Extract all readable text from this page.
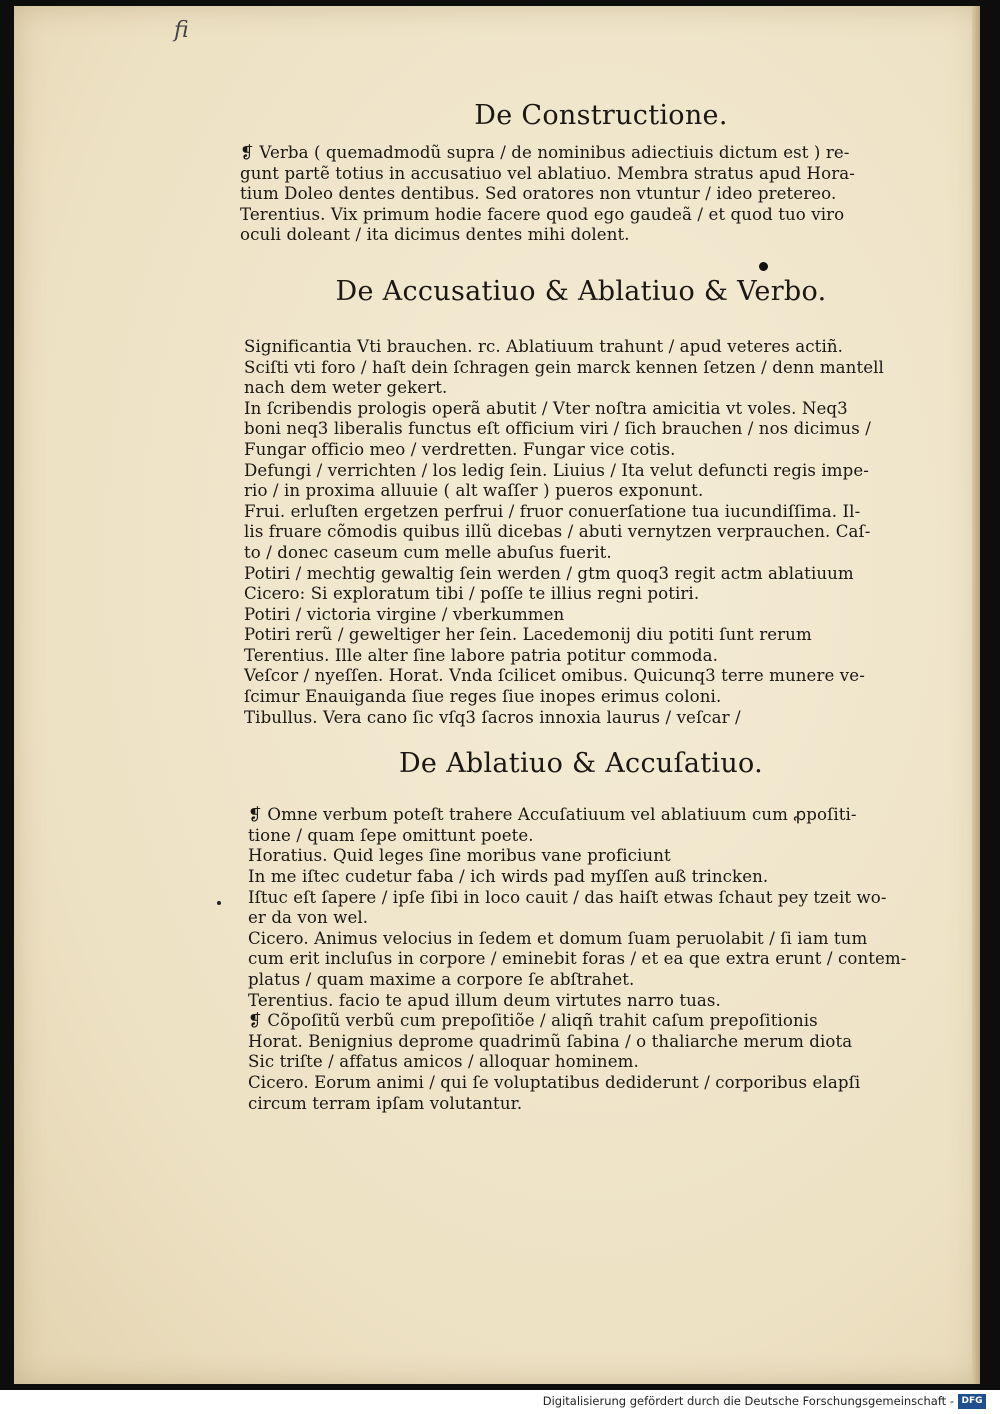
fi
De Constructione.
❡ Verba ( quemadmodũ supra / de nominibus adiectiuis dictum est ) re-
gunt partẽ totius in accusatiuo vel ablatiuo. Membra stratus apud Hora-
tium Doleo dentes dentibus. Sed oratores non vtuntur / ideo pretereo.
Terentius. Vix primum hodie facere quod ego gaudeã / et quod tuo viro
oculi doleant / ita dicimus dentes mihi dolent.
De Accusatiuo & Ablatiuo & Verbo.
Significantia Vti brauchen. rc. Ablatiuum trahunt / apud veteres actiñ.
Sciſti vti foro / haſt dein ſchragen gein marck kennen ſetzen / denn mantell
nach dem weter gekert.
In ſcribendis prologis operã abutit / Vter noſtra amicitia vt voles. Neq3
boni neq3 liberalis functus eſt officium viri / ſich brauchen / nos dicimus /
Fungar officio meo / verdretten. Fungar vice cotis.
Defungi / verrichten / los ledig ſein. Liuius / Ita velut defuncti regis impe-
rio / in proxima alluuie ( alt waſſer ) pueros exponunt.
Frui. erluſten ergetzen perfrui / fruor conuerſatione tua iucundiſſima. Il-
lis fruare cõmodis quibus illũ dicebas / abuti vernytzen verprauchen. Caſ-
to / donec caseum cum melle abuſus fuerit.
Potiri / mechtig gewaltig ſein werden / gtm quoq3 regit actm ablatiuum
Cicero: Si exploratum tibi / poſſe te illius regni potiri.
Potiri / victoria virgine / vberkummen
Potiri rerũ / geweltiger her ſein. Lacedemonij diu potiti ſunt rerum
Terentius. Ille alter ſine labore patria potitur commoda.
Veſcor / nyeſſen. Horat. Vnda ſcilicet omibus. Quicunq3 terre munere ve-
ſcimur Enauiganda ſiue reges ſiue inopes erimus coloni.
Tibullus. Vera cano ſic vſq3 ſacros innoxia laurus / veſcar /
De Ablatiuo & Accuſatiuo.
❡ Omne verbum poteſt trahere Accuſatiuum vel ablatiuum cum ꝓpoſiti-
tione / quam ſepe omittunt poete.
Horatius. Quid leges ſine moribus vane proficiunt
In me iſtec cudetur faba / ich wirds pad myſſen auß trincken.
Iſtuc eſt ſapere / ipſe ſibi in loco cauit / das haiſt etwas ſchaut pey tzeit wo-
er da von wel.
Cicero. Animus velocius in ſedem et domum ſuam peruolabit / ſi iam tum
cum erit incluſus in corpore / eminebit foras / et ea que extra erunt / contem-
platus / quam maxime a corpore ſe abſtrahet.
Terentius. facio te apud illum deum virtutes narro tuas.
❡ Cõpoſitũ verbũ cum prepoſitiõe / aliqñ trahit caſum prepoſitionis
Horat. Benignius deprome quadrimũ ſabina / o thaliarche merum diota
Sic triſte / affatus amicos / alloquar hominem.
Cicero. Eorum animi / qui ſe voluptatibus dediderunt / corporibus elapſi
circum terram ipſam volutantur.
Digitalisierung gefördert durch die Deutsche Forschungsgemeinschaft - DFG
